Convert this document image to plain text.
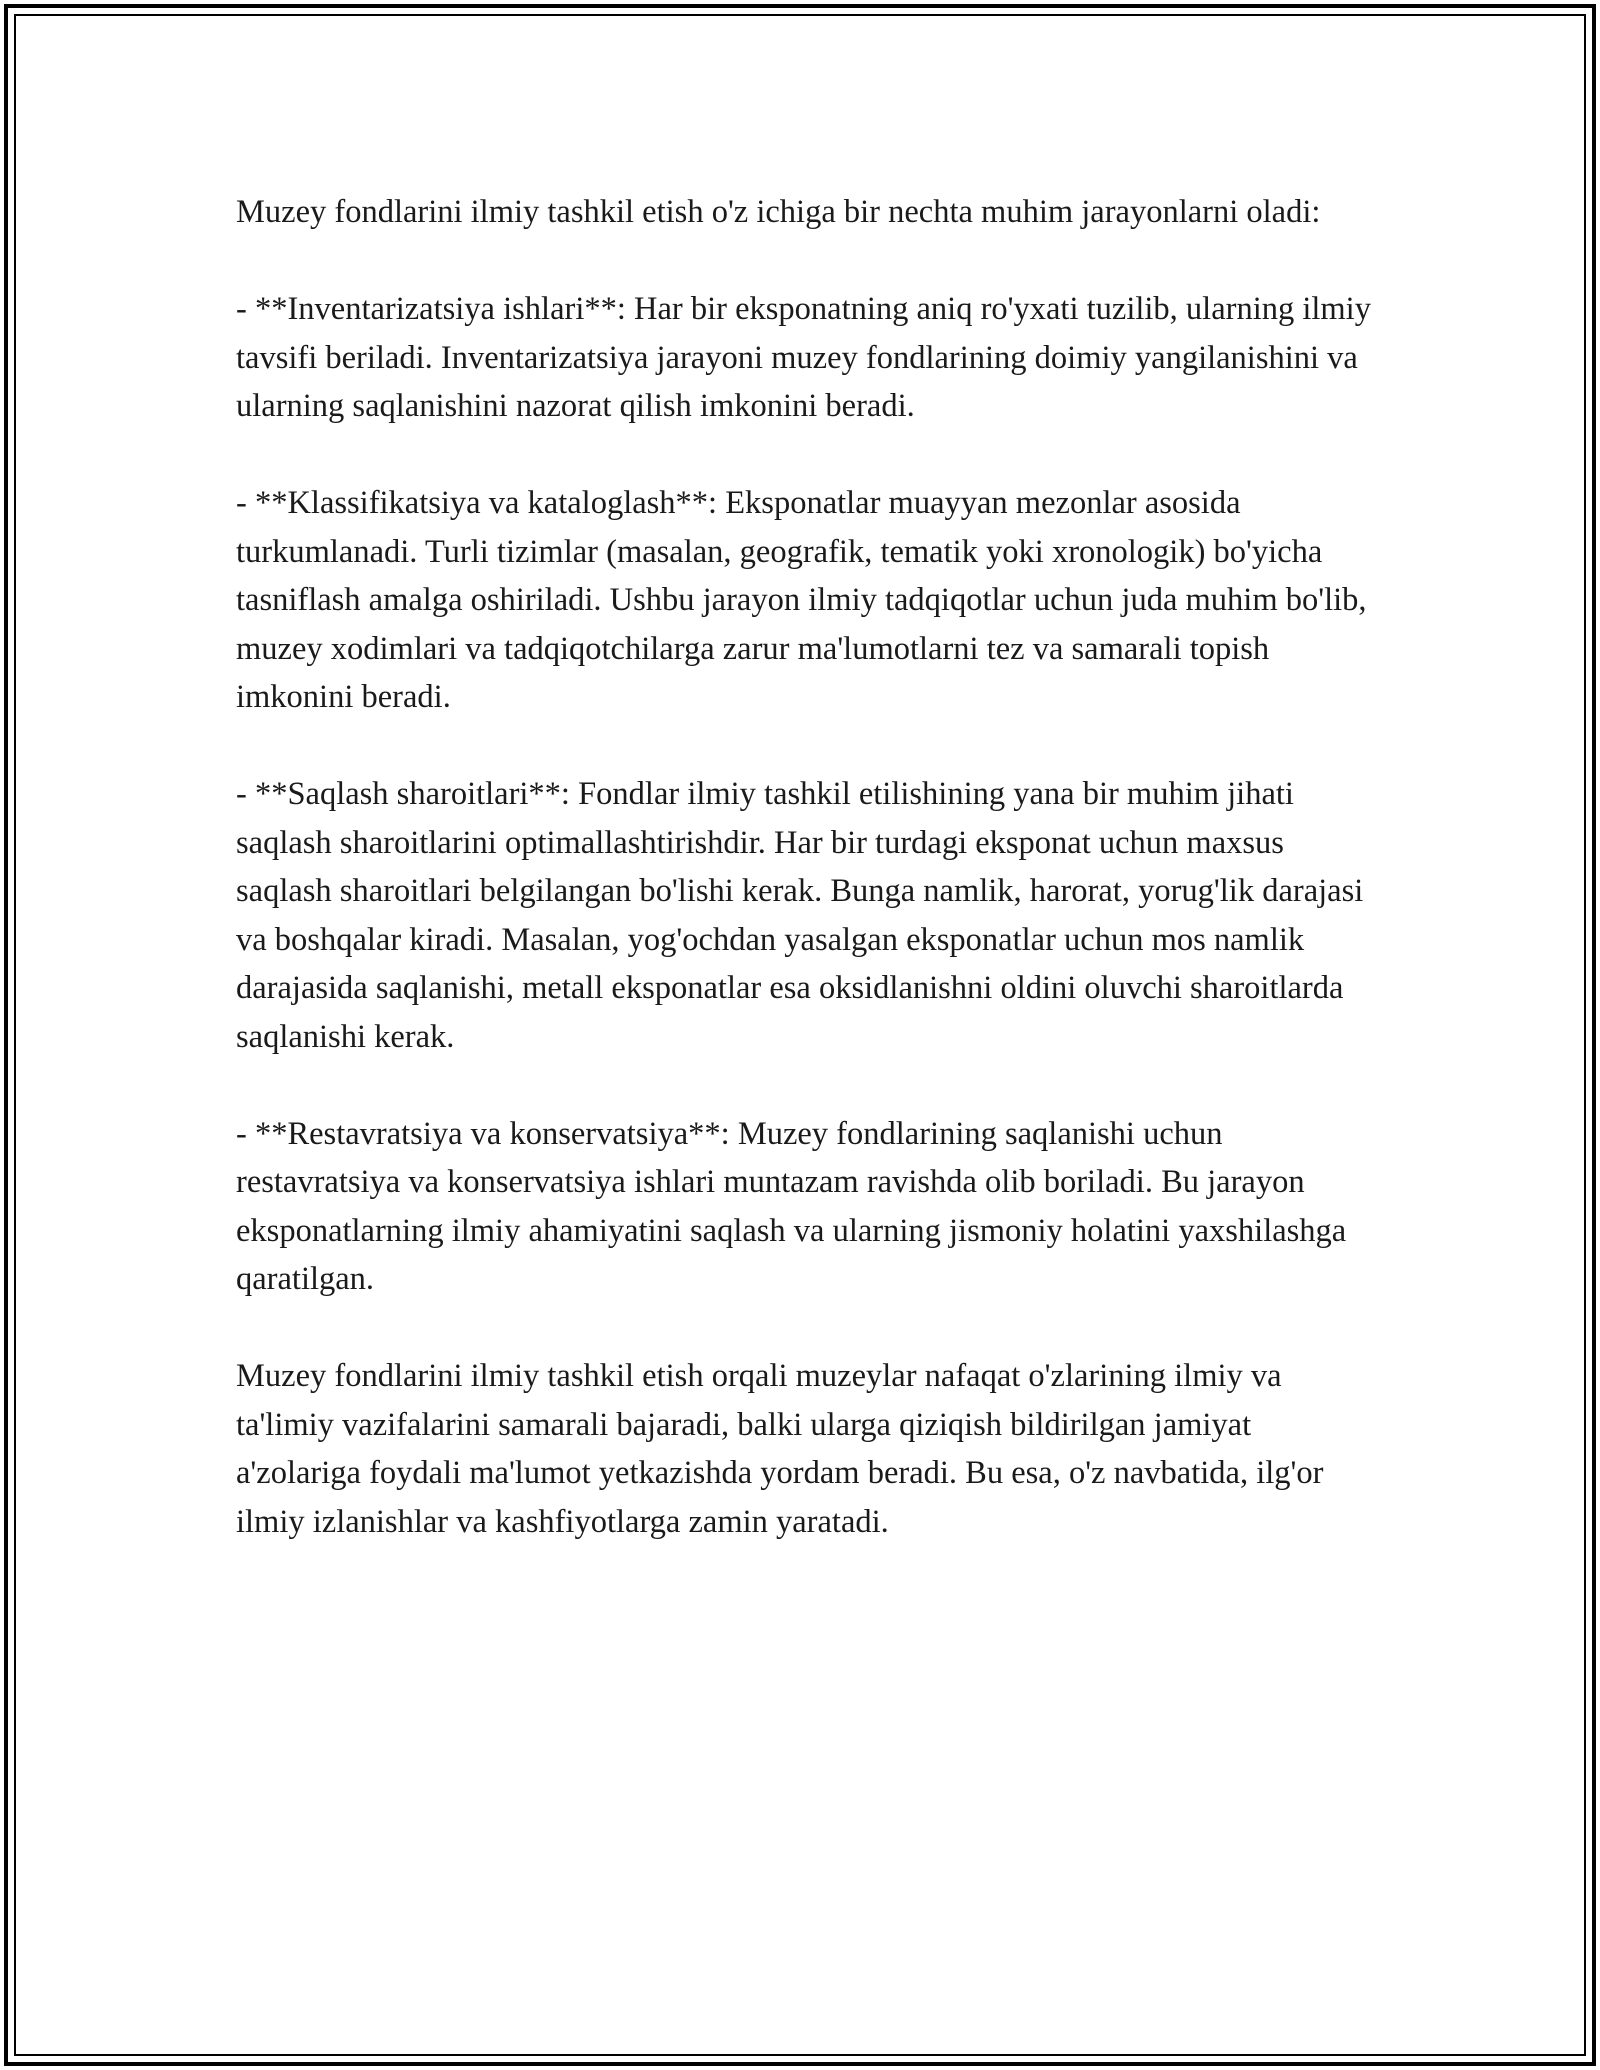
Muzey fondlarini ilmiy tashkil etish o'z ichiga bir nechta muhim jarayonlarni oladi:

- **Inventarizatsiya ishlari**: Har bir eksponatning aniq ro'yxati tuzilib, ularning ilmiy tavsifi beriladi. Inventarizatsiya jarayoni muzey fondlarining doimiy yangilanishini va ularning saqlanishini nazorat qilish imkonini beradi.

- **Klassifikatsiya va kataloglash**: Eksponatlar muayyan mezonlar asosida turkumlanadi. Turli tizimlar (masalan, geografik, tematik yoki xronologik) bo'yicha tasniflash amalga oshiriladi. Ushbu jarayon ilmiy tadqiqotlar uchun juda muhim bo'lib, muzey xodimlari va tadqiqotchilarga zarur ma'lumotlarni tez va samarali topish imkonini beradi.

- **Saqlash sharoitlari**: Fondlar ilmiy tashkil etilishining yana bir muhim jihati saqlash sharoitlarini optimallashtirishdir. Har bir turdagi eksponat uchun maxsus saqlash sharoitlari belgilangan bo'lishi kerak. Bunga namlik, harorat, yorug'lik darajasi va boshqalar kiradi. Masalan, yog'ochdan yasalgan eksponatlar uchun mos namlik darajasida saqlanishi, metall eksponatlar esa oksidlanishni oldini oluvchi sharoitlarda saqlanishi kerak.

- **Restavratsiya va konservatsiya**: Muzey fondlarining saqlanishi uchun restavratsiya va konservatsiya ishlari muntazam ravishda olib boriladi. Bu jarayon eksponatlarning ilmiy ahamiyatini saqlash va ularning jismoniy holatini yaxshilashga qaratilgan.

Muzey fondlarini ilmiy tashkil etish orqali muzeylar nafaqat o'zlarining ilmiy va ta'limiy vazifalarini samarali bajaradi, balki ularga qiziqish bildirilgan jamiyat a'zolariga foydali ma'lumot yetkazishda yordam beradi. Bu esa, o'z navbatida, ilg'or ilmiy izlanishlar va kashfiyotlarga zamin yaratadi.
